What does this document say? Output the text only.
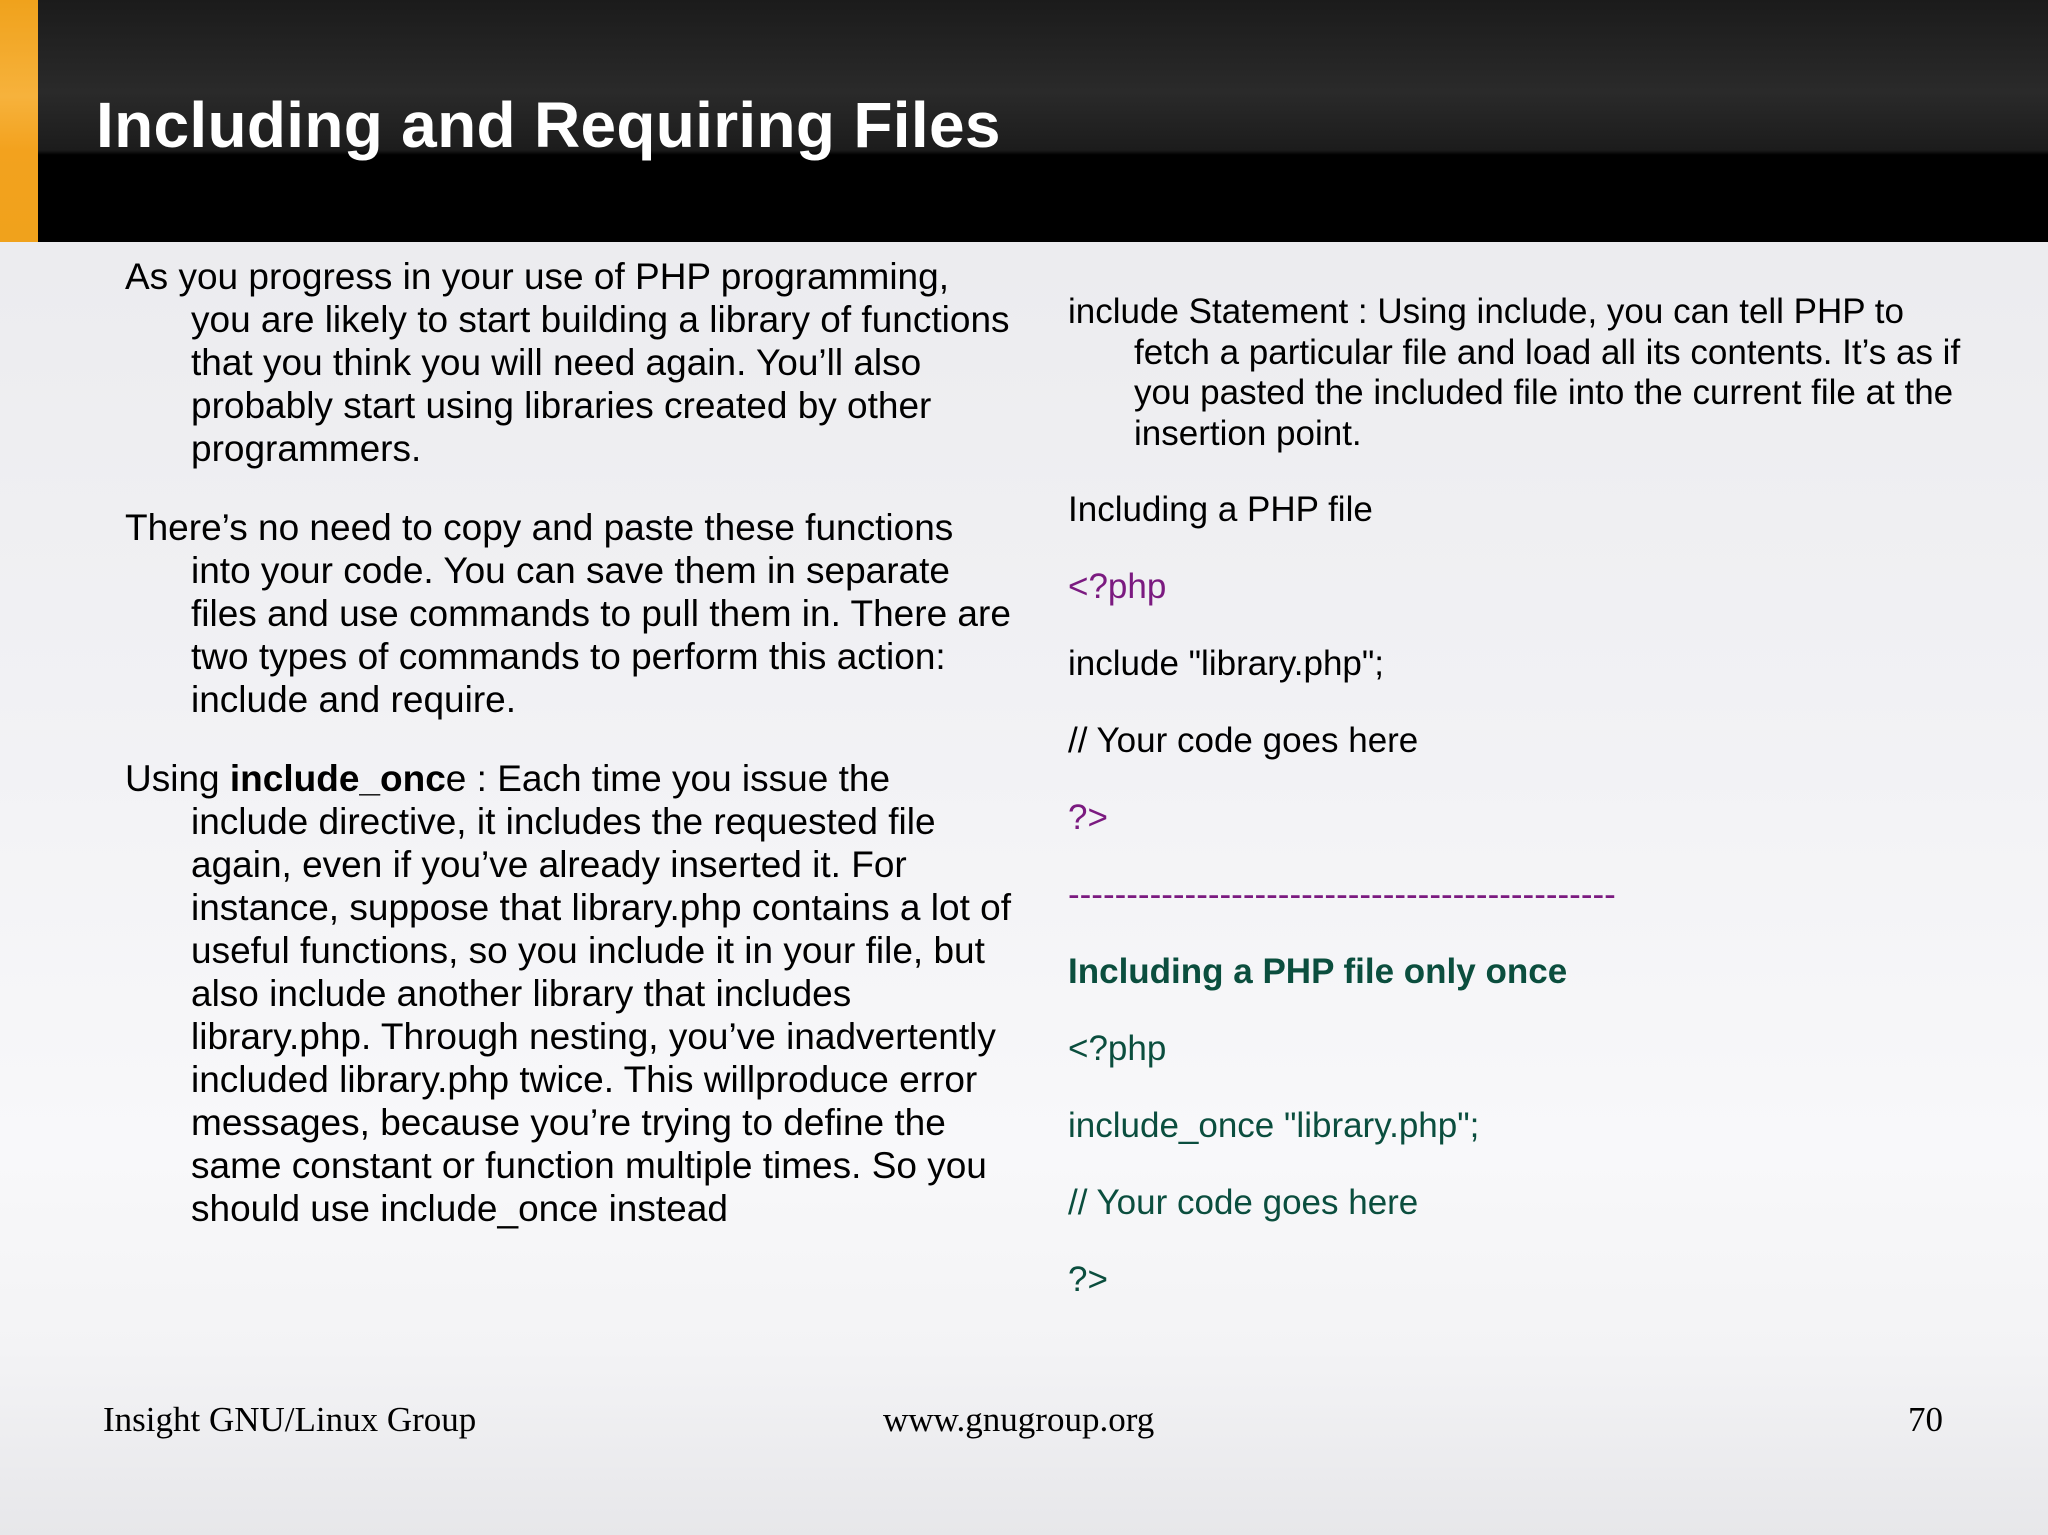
Including and Requiring Files

As you progress in your use of PHP programming, you are likely to start building a library of functions that you think you will need again. You’ll also probably start using libraries created by other programmers.

There’s no need to copy and paste these functions into your code. You can save them in separate files and use commands to pull them in. There are two types of commands to perform this action: include and require.

Using include_once : Each time you issue the include directive, it includes the requested file again, even if you’ve already inserted it. For instance, suppose that library.php contains a lot of useful functions, so you include it in your file, but also include another library that includes library.php. Through nesting, you’ve inadvertently included library.php twice. This willproduce error messages, because you’re trying to define the same constant or function multiple times. So you should use include_once instead

include Statement : Using include, you can tell PHP to fetch a particular file and load all its contents. It’s as if you pasted the included file into the current file at the insertion point.

Including a PHP file
<?php
include "library.php";
// Your code goes here
?>
-----------------------------------------------
Including a PHP file only once
<?php
include_once "library.php";
// Your code goes here
?>
Insight GNU/Linux Group	www.gnugroup.org	70
